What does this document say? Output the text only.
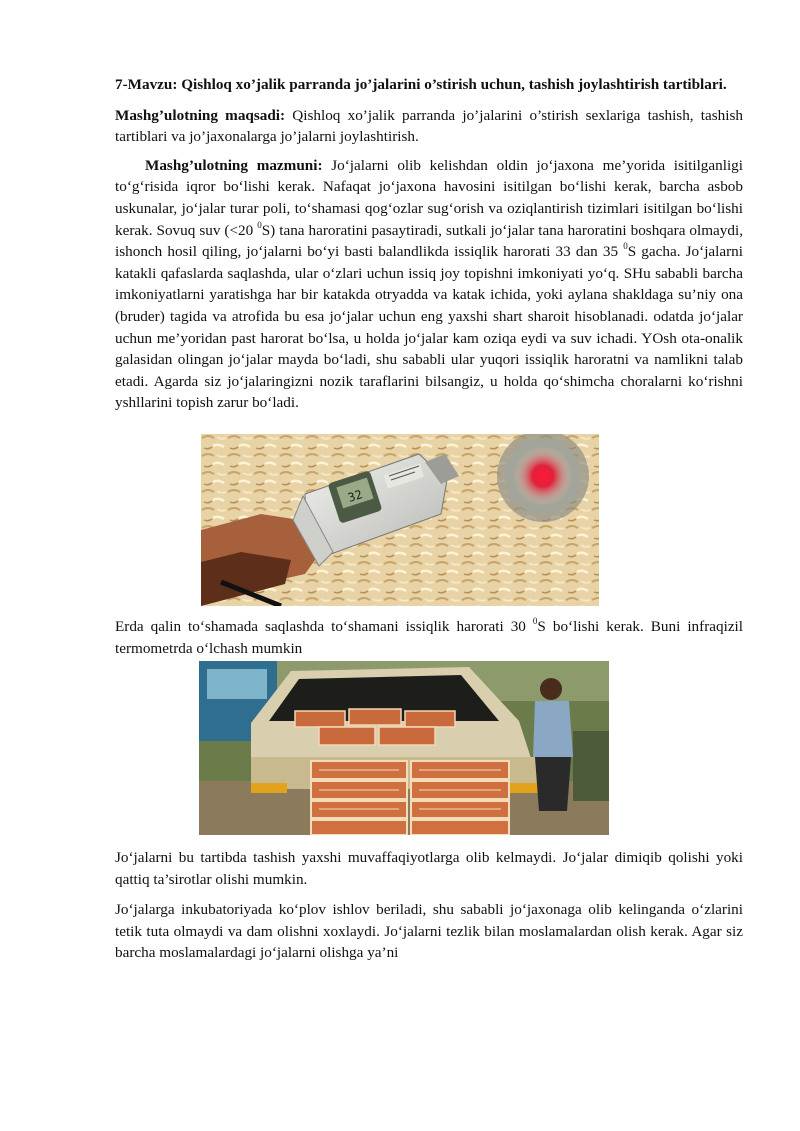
7-Mavzu: Qishloq xo’jalik parranda jo’jalarini o’stirish uchun, tashish joylashtirish tartiblari.

Mashg’ulotning maqsadi: Qishloq xo’jalik parranda jo’jalarini o’stirish sexlariga tashish, tashish tartiblari va jo’jaxonalarga jo’jalarni joylashtirish.

Mashg’ulotning mazmuni: Jo‘jalarni olib kelishdan oldin jo‘jaxona me’yorida isitilganligi to‘g‘risida iqror bo‘lishi kerak. Nafaqat jo‘jaxona havosini isitilgan bo‘lishi kerak, barcha asbob uskunalar, jo‘jalar turar poli, to‘shamasi qog‘ozlar sug‘orish va oziqlantirish tizimlari isitilgan bo‘lishi kerak. Sovuq suv (<20 $^0$S) tana haroratini pasaytiradi, sutkali jo‘jalar tana haroratini boshqara olmaydi, ishonch hosil qiling, jo‘jalarni bo‘yi basti balandlikda issiqlik harorati 33 dan 35 $^0$S gacha. Jo‘jalarni katakli qafaslarda saqlashda, ular o‘zlari uchun issiq joy topishni imkoniyati yo‘q. SHu sababli barcha imkoniyatlarni yaratishga har bir katakda otryadda va katak ichida, yoki aylana shakldaga su’niy ona (bruder) tagida va atrofida bu esa jo‘jalar uchun eng yaxshi shart sharoit hisoblanadi. odatda jo‘jalar uchun me’yoridan past harorat bo‘lsa, u holda jo‘jalar kam oziqa eydi va suv ichadi. YOsh ota-onalik galasidan olingan jo‘jalar mayda bo‘ladi, shu sababli ular yuqori issiqlik haroratni va namlikni talab etadi. Agarda siz jo‘jalaringizni nozik taraflarini bilsangiz, u holda qo‘shimcha choralarni ko‘rishni yshllarini topish zarur bo‘ladi.

32

Erda qalin to‘shamada saqlashda to‘shamani issiqlik harorati 30 $^0$S bo‘lishi kerak. Buni infraqizil termometrda o‘lchash mumkin

Jo‘jalarni bu tartibda tashish yaxshi muvaffaqiyotlarga olib kelmaydi. Jo‘jalar dimiqib qolishi yoki qattiq ta’sirotlar olishi mumkin.

Jo‘jalarga inkubatoriyada ko‘plov ishlov beriladi, shu sababli jo‘jaxonaga olib kelinganda o‘zlarini tetik tuta olmaydi va dam olishni xoxlaydi. Jo‘jalarni tezlik bilan moslamalardan olish kerak. Agar siz barcha moslamalardagi jo‘jalarni olishga ya’ni
